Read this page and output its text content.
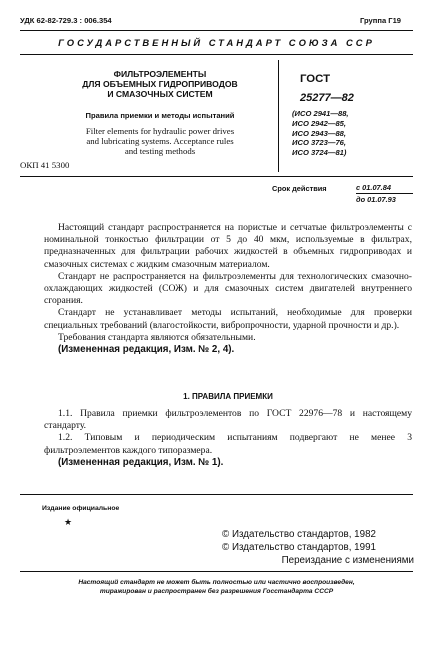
УДК 62-82-729.3 : 006.354	Группа Г19
ГОСУДАРСТВЕННЫЙ СТАНДАРТ СОЮЗА ССР
ФИЛЬТРОЭЛЕМЕНТЫ
ДЛЯ ОБЪЕМНЫХ ГИДРОПРИВОДОВ
И СМАЗОЧНЫХ СИСТЕМ
Правила приемки и методы испытаний
Filter elements for hydraulic power drives
and lubricating systems. Acceptance rules
and testing methods
ОКП 41 5300
ГОСТ
25277—82
(ИСО 2941—88,
ИСО 2942—85,
ИСО 2943—88,
ИСО 3723—76,
ИСО 3724—81)
Срок действия	с 01.07.84
до 01.07.93

Настоящий стандарт распространяется на пористые и сетчатые фильтроэлементы с номинальной тонкостью фильтрации от 5 до 40 мкм, используемые в фильтрах, предназначенных для фильтрации рабочих жидкостей в объемных гидроприводах и смазочных системах с жидким смазочным материалом.

Стандарт не распространяется на фильтроэлементы для технологических смазочно-охлаждающих жидкостей (СОЖ) и для смазочных систем двигателей внутреннего сгорания.

Стандарт не устанавливает методы испытаний, необходимые для проверки специальных требований (влагостойкости, вибропрочности, ударной прочности и др.).

Требования стандарта являются обязательными.

(Измененная редакция, Изм. № 2, 4).

1. ПРАВИЛА ПРИЕМКИ

1.1. Правила приемки фильтроэлементов по ГОСТ 22976—78 и настоящему стандарту.

1.2. Типовым и периодическим испытаниям подвергают не менее 3 фильтроэлементов каждого типоразмера.

(Измененная редакция, Изм. № 1).

Издание официальное
★
© Издательство стандартов, 1982
© Издательство стандартов, 1991
Переиздание с изменениями
Настоящий стандарт не может быть полностью или частично воспроизведен,
тиражирован и распространен без разрешения Госстандарта СССР
